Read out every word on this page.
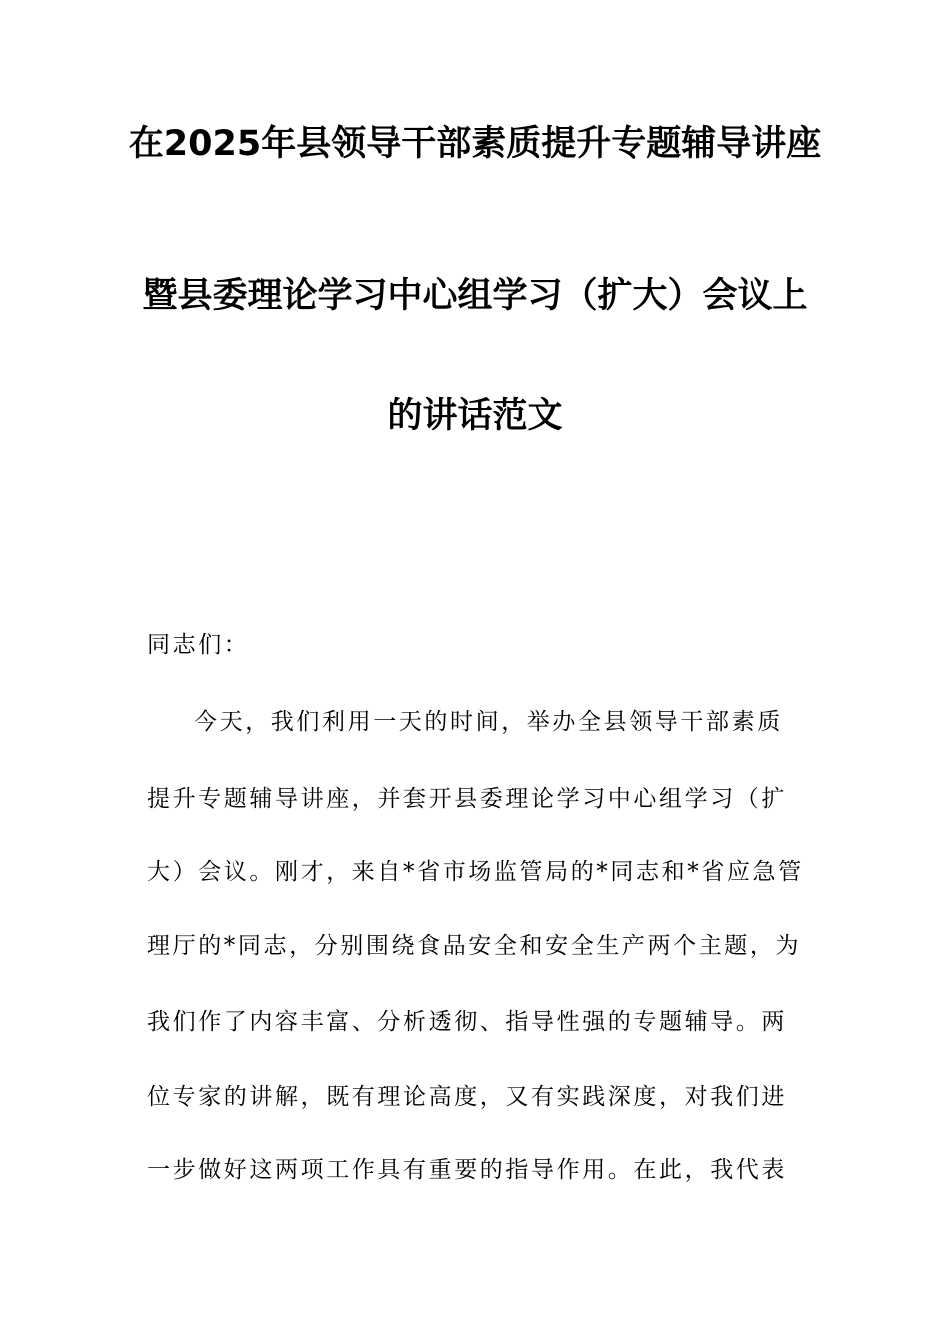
在2025年县领导干部素质提升专题辅导讲座
暨县委理论学习中心组学习（扩大）会议上
的讲话范文
同志们：
今天，我们利用一天的时间，举办全县领导干部素质
提升专题辅导讲座，并套开县委理论学习中心组学习（扩
大）会议。刚才，来自*省市场监管局的*同志和*省应急管
理厅的*同志，分别围绕食品安全和安全生产两个主题，为
我们作了内容丰富、分析透彻、指导性强的专题辅导。两
位专家的讲解，既有理论高度，又有实践深度，对我们进
一步做好这两项工作具有重要的指导作用。在此，我代表
